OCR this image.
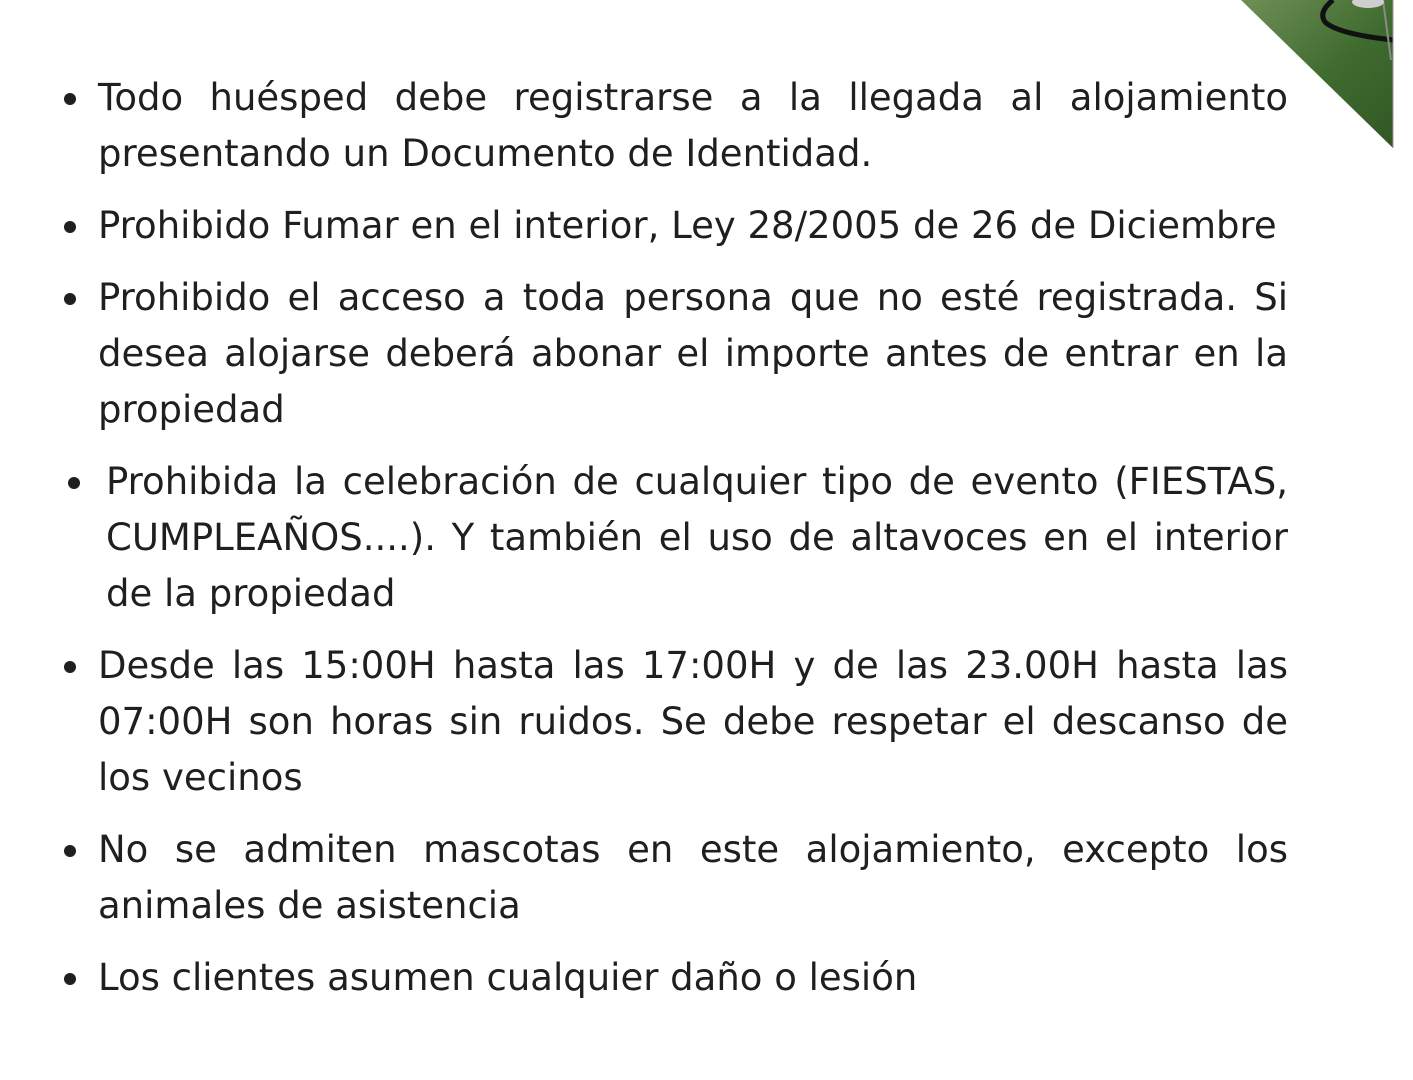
Todo huésped debe registrarse a la llegada al alojamiento presentando un Documento de Identidad.
Prohibido Fumar en el interior, Ley 28/2005 de 26 de Diciembre
Prohibido el acceso a toda persona que no esté registrada. Si desea alojarse deberá abonar el importe antes de entrar en la propiedad
Prohibida la celebración de cualquier tipo de evento (FIESTAS, CUMPLEAÑOS....). Y también el uso de altavoces en el interior de la propiedad
Desde las 15:00H hasta las 17:00H y de las 23.00H hasta las 07:00H son horas sin ruidos. Se debe respetar el descanso de los vecinos
No se admiten mascotas en este alojamiento, excepto los animales de asistencia
Los clientes asumen cualquier daño o lesión
